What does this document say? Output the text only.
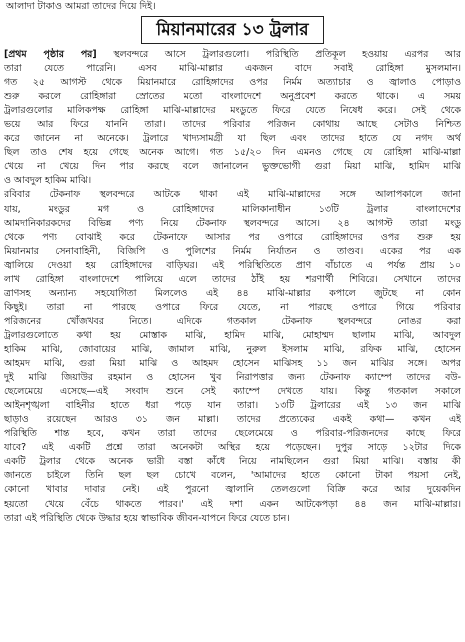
আলাদা টাকাও আমরা তাদের দিয়ে দিই।
মিয়ানমারের ১৩ ট্রলার
[প্রথম পৃষ্ঠার পর] স্থলবন্দরে আসে ট্রলারগুলো। পরিস্থিতি প্রতিকূল হওয়ায় এরপর আর
তারা যেতে পারেনি। এসব মাঝি-মাল্লার একজন বাদে সবাই রোহিঙ্গা মুসলমান।
গত ২৫ আগস্ট থেকে মিয়ানমারে রোহিঙ্গাদের ওপর নির্মম অত্যাচার ও জ্বালাও পোড়াও
শুরু করলে রোহিঙ্গারা স্রোতের মতো বাংলাদেশে অনুপ্রবেশ করতে থাকে। এ সময়
ট্রলারগুলোর মালিকপক্ষ রোহিঙ্গা মাঝি-মাল্লাদের মংডুতে ফিরে যেতে নিষেধ করে। সেই থেকে
ভয়ে আর ফিরে যাননি তারা। তাদের পরিবার পরিজন কোথায় আছে সেটাও নিশ্চিত
করে জানেন না অনেকে। ট্রলারে খাদ্যসামগ্রী যা ছিল এবং তাদের হাতে যে নগদ অর্থ
ছিল তাও শেষ হয়ে গেছে অনেক আগে। গত ১৫/২০ দিন এমনও গেছে যে রোহিঙ্গা মাঝি-মাল্লা
খেয়ে না খেয়ে দিন পার করছে বলে জানালেন ভুক্তভোগী গুরা মিয়া মাঝি, হামিদ মাঝি
ও আবদুল হাকিম মাঝি।
রবিবার টেকনাফ স্থলবন্দরে আটকে থাকা এই মাঝি-মাল্লাদের সঙ্গে আলাপকালে জানা
যায়, মংডুর মগ ও রোহিঙ্গাদের মালিকানাধীন ১৩টি ট্রলার বাংলাদেশের
আমদানিকারকদের বিভিন্ন পণ্য নিয়ে টেকনাফ স্থলবন্দরে আসে। ২৪ আগস্ট তারা মংডু
থেকে পণ্য বোঝাই করে টেকনাফে আসার পর ওপারে রোহিঙ্গাদের ওপর শুরু হয়
মিয়ানমার সেনাবাহিনী, বিজিপি ও পুলিশের নির্মম নির্যাতন ও তাণ্ডব। একের পর এক
জ্বালিয়ে দেওয়া হয় রোহিঙ্গাদের বাড়িঘর। এই পরিস্থিতিতে প্রাণ বাঁচাতে এ পর্যন্ত প্রায় ১০
লাখ রোহিঙ্গা বাংলাদেশে পালিয়ে এলে তাদের ঠাঁই হয় শরণার্থী শিবিরে। সেখানে তাদের
ত্রাণসহ অন্যান্য সহযোগিতা মিললেও এই ৪৪ মাঝি-মাল্লার কপালে জুটছে না কোন
কিছুই। তারা না পারছে ওপারে ফিরে যেতে, না পারছে ওপারে গিয়ে পরিবার
পরিজনের খোঁজখবর নিতে। এদিকে গতকাল টেকনাফ স্থলবন্দরে নোঙর করা
ট্রলারগুলোতে কথা হয় মোস্তাক মাঝি, হামিদ মাঝি, মোহাম্মদ ছালাম মাঝি, আবদুল
হাকিম মাঝি, জোবায়ের মাঝি, জামাল মাঝি, নুরুল ইসলাম মাঝি, রফিক মাঝি, হোসেন
আহমদ মাঝি, গুরা মিয়া মাঝি ও আহমদ হোসেন মাঝিসহ ১১ জন মাঝির সঙ্গে। অপর
দুই মাঝি জিয়াউর রহমান ও হোসেন খুব নিরাপত্তার জন্য টেকনাফ ক্যাম্পে তাদের বউ-
ছেলেমেয়ে এসেছে—এই সংবাদ শুনে সেই ক্যাম্পে দেখতে যায়। কিন্তু গতকাল সকালে
আইনশৃঙ্খলা বাহিনীর হাতে ধরা পড়ে যান তারা। ১৩টি ট্রলারের এই ১৩ জন মাঝি
ছাড়াও রয়েছেন আরও ৩১ জন মাল্লা। তাদের প্রত্যেকের একই কথা— কখন এই
পরিস্থিতি শান্ত হবে, কখন তারা তাদের ছেলেমেয়ে ও পরিবার-পরিজনদের কাছে ফিরে
যাবে? এই একটি প্রশ্নে তারা অনেকটা অস্থির হয়ে পড়েছেন। দুপুর সাড়ে ১২টার দিকে
একটি ট্রলার থেকে অনেক ভারী বস্তা কাঁধে নিয়ে নামছিলেন গুরা মিয়া মাঝি। বস্তায় কী
জানতে চাইলে তিনি ছল ছল চোখে বলেন, 'আমাদের হাতে কোনো টাকা পয়সা নেই,
কোনো খাবার দাবার নেই। এই পুরনো জ্বালানি তেলগুলো বিক্রি করে আর দুয়েকদিন
হয়তো খেয়ে বেঁচে থাকতে পারব।' এই দশা একন আটকেপড়া ৪৪ জন মাঝি-মাল্লার।
তারা এই পরিস্থিতি থেকে উদ্ধার হয়ে স্বাভাবিক জীবন-যাপনে ফিরে যেতে চান।
